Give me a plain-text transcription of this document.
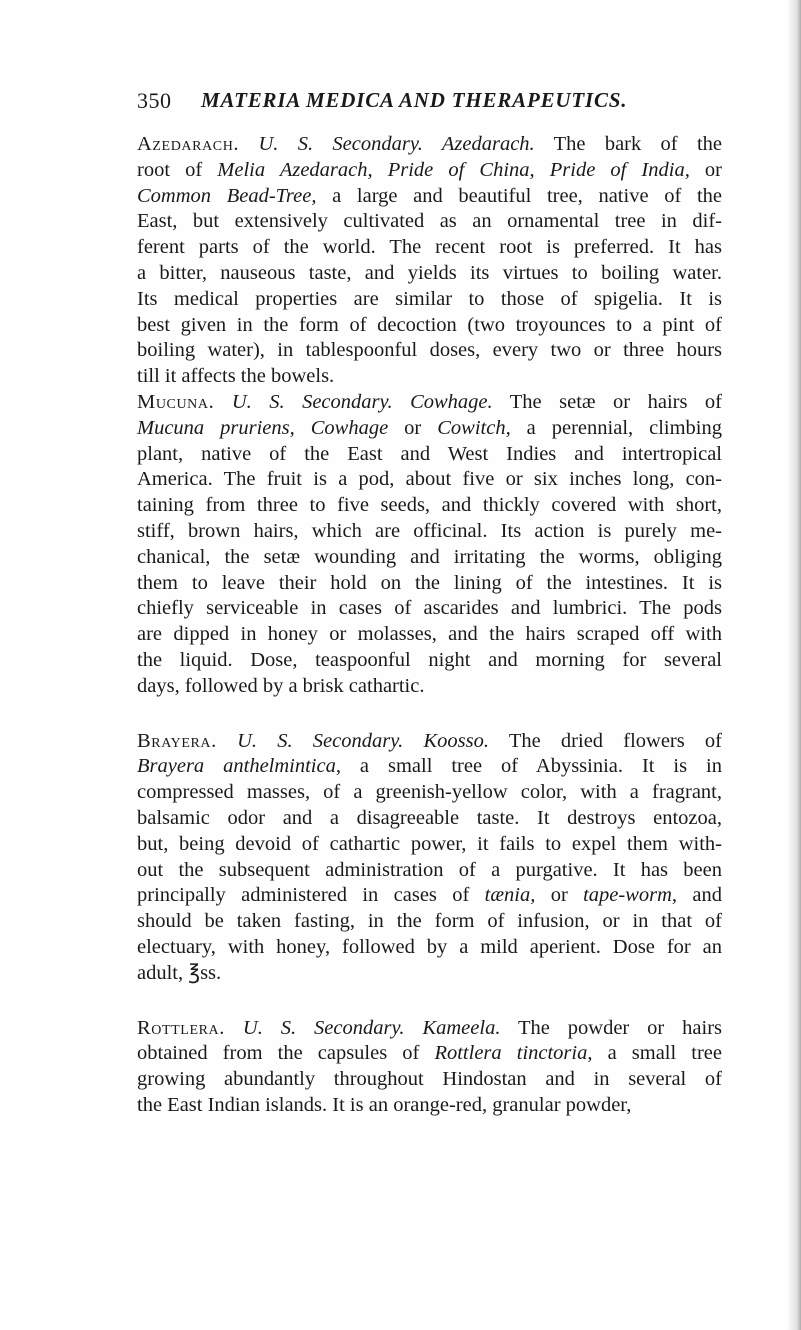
350 MATERIA MEDICA AND THERAPEUTICS.
Azedarach. U. S. Secondary. Azedarach. The bark of the
root of Melia Azedarach, Pride of China, Pride of India, or
Common Bead-Tree, a large and beautiful tree, native of the
East, but extensively cultivated as an ornamental tree in dif-
ferent parts of the world. The recent root is preferred. It has
a bitter, nauseous taste, and yields its virtues to boiling water.
Its medical properties are similar to those of spigelia. It is
best given in the form of decoction (two troyounces to a pint of
boiling water), in tablespoonful doses, every two or three hours
till it affects the bowels.
Mucuna. U. S. Secondary. Cowhage. The setæ or hairs of
Mucuna pruriens, Cowhage or Cowitch, a perennial, climbing
plant, native of the East and West Indies and intertropical
America. The fruit is a pod, about five or six inches long, con-
taining from three to five seeds, and thickly covered with short,
stiff, brown hairs, which are officinal. Its action is purely me-
chanical, the setæ wounding and irritating the worms, obliging
them to leave their hold on the lining of the intestines. It is
chiefly serviceable in cases of ascarides and lumbrici. The pods
are dipped in honey or molasses, and the hairs scraped off with
the liquid. Dose, teaspoonful night and morning for several
days, followed by a brisk cathartic.
Brayera. U. S. Secondary. Koosso. The dried flowers of
Brayera anthelmintica, a small tree of Abyssinia. It is in
compressed masses, of a greenish-yellow color, with a fragrant,
balsamic odor and a disagreeable taste. It destroys entozoa,
but, being devoid of cathartic power, it fails to expel them with-
out the subsequent administration of a purgative. It has been
principally administered in cases of tænia, or tape-worm, and
should be taken fasting, in the form of infusion, or in that of
electuary, with honey, followed by a mild aperient. Dose for an
adult, ℥ss.
Rottlera. U. S. Secondary. Kameela. The powder or hairs
obtained from the capsules of Rottlera tinctoria, a small tree
growing abundantly throughout Hindostan and in several of
the East Indian islands. It is an orange-red, granular powder,
